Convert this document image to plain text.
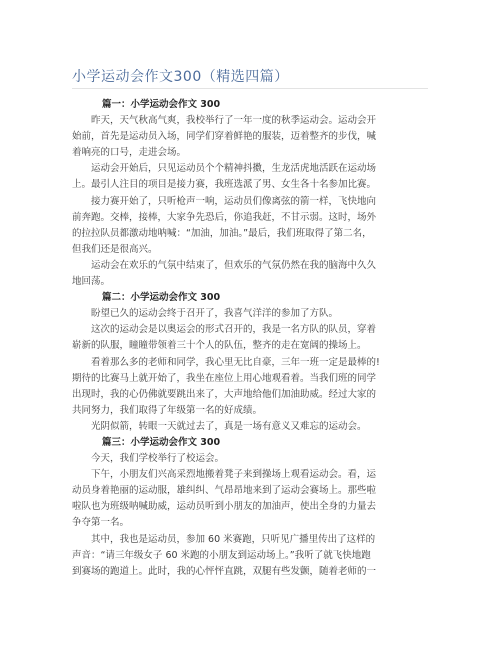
小学运动会作文300（精选四篇）
篇一：小学运动会作文 300
昨天，天气秋高气爽，我校举行了一年一度的秋季运动会。运动会开
始前，首先是运动员入场，同学们穿着鲜艳的服装，迈着整齐的步伐，喊
着响亮的口号，走进会场。
运动会开始后，只见运动员个个精神抖擞，生龙活虎地活跃在运动场
上。最引人注目的项目是接力赛，我班选派了男、女生各十名参加比赛。
接力赛开始了，只听枪声一响，运动员们像离弦的箭一样，飞快地向
前奔跑。交棒，接棒，大家争先恐后，你追我赶，不甘示弱。这时，场外
的拉拉队员都激动地呐喊：“加油，加油。”最后，我们班取得了第二名，
但我们还是很高兴。
运动会在欢乐的气氛中结束了，但欢乐的气氛仍然在我的脑海中久久
地回荡。
篇二：小学运动会作文 300
盼望已久的运动会终于召开了，我喜气洋洋的参加了方队。
这次的运动会是以奥运会的形式召开的，我是一名方队的队员，穿着
崭新的队服，瞳瞳带领着三十个人的队伍，整齐的走在宽阔的操场上。
看着那么多的老师和同学，我心里无比自豪，三年一班一定是最棒的!
期待的比赛马上就开始了，我坐在座位上用心地观看着。当我们班的同学
出现时，我的心仍佛就要跳出来了，大声地给他们加油助威。经过大家的
共同努力，我们取得了年级第一名的好成绩。
光阴似箭，转眼一天就过去了，真是一场有意义又难忘的运动会。
篇三：小学运动会作文 300
今天，我们学校举行了校运会。
下午，小朋友们兴高采烈地搬着凳子来到操场上观看运动会。看，运
动员身着艳丽的运动服，雄纠纠、气昂昂地来到了运动会赛场上。那些啦
啦队也为班级呐喊助威，运动员听到小朋友的加油声，使出全身的力量去
争夺第一名。
其中，我也是运动员，参加 60 米赛跑，只听见广播里传出了这样的
声音：“请三年级女子 60 米跑的小朋友到运动场上。”我听了就飞快地跑
到赛场的跑道上。此时，我的心怦怦直跳，双腿有些发颤，随着老师的一
